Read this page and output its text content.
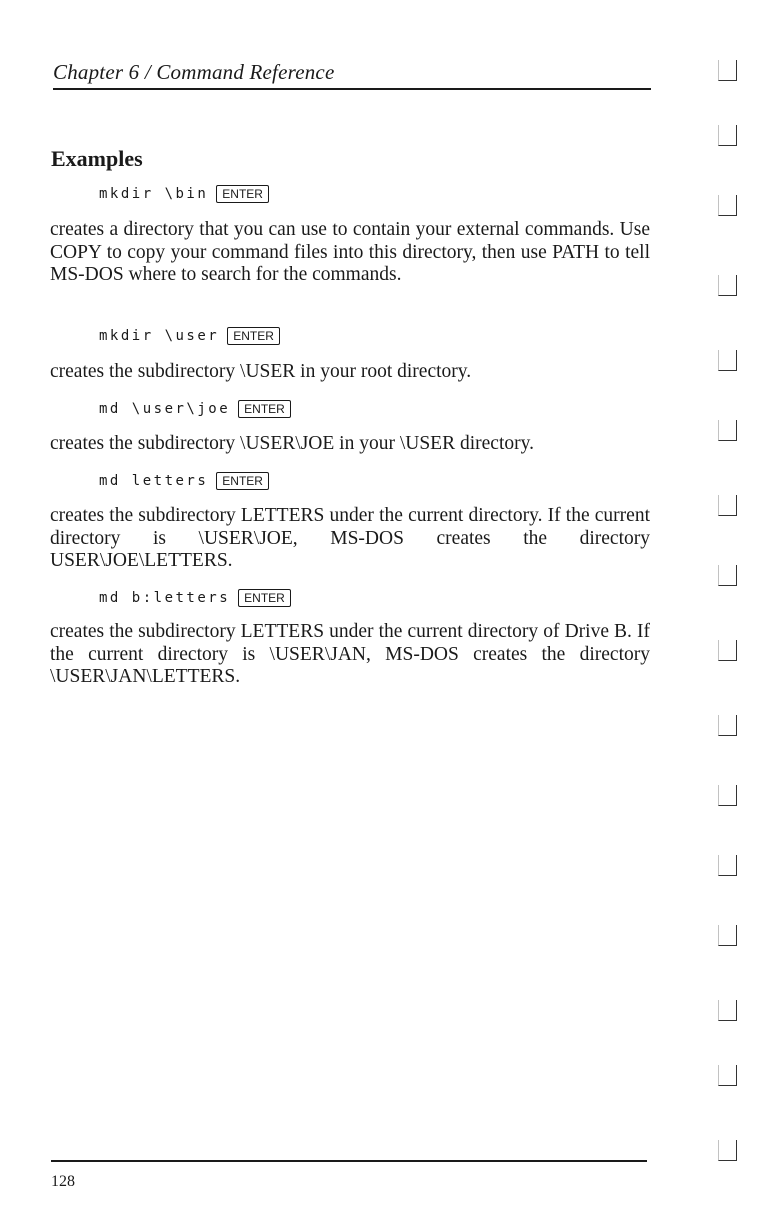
Chapter 6 / Command Reference
Examples
mkdir \bin	ENTER

creates a directory that you can use to contain your external commands. Use COPY to copy your command files into this directory, then use PATH to tell MS-DOS where to search for the commands.

mkdir \user	ENTER

creates the subdirectory \USER in your root directory.

md \user\joe	ENTER

creates the subdirectory \USER\JOE in your \USER directory.

md letters	ENTER

creates the subdirectory LETTERS under the current directory. If the current directory is \USER\JOE, MS-DOS creates the directory USER\JOE\LETTERS.

md b:letters	ENTER

creates the subdirectory LETTERS under the current directory of Drive B. If the current directory is \USER\JAN, MS-DOS creates the directory \USER\JAN\LETTERS.

128
